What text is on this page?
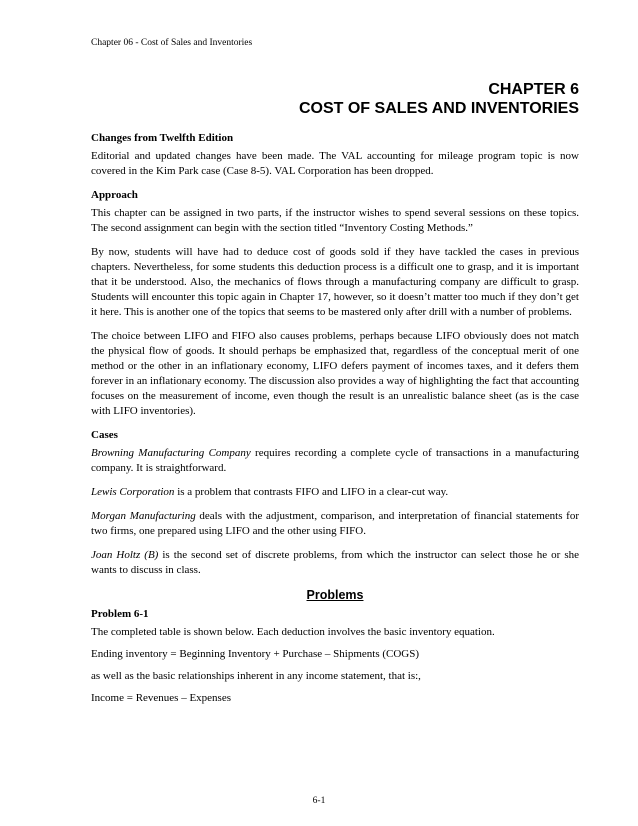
Chapter 06 - Cost of Sales and Inventories
CHAPTER 6
COST OF SALES AND INVENTORIES
Changes from Twelfth Edition

Editorial and updated changes have been made. The VAL accounting for mileage program topic is now covered in the Kim Park case (Case 8-5). VAL Corporation has been dropped.

Approach

This chapter can be assigned in two parts, if the instructor wishes to spend several sessions on these topics. The second assignment can begin with the section titled “Inventory Costing Methods.”

By now, students will have had to deduce cost of goods sold if they have tackled the cases in previous chapters. Nevertheless, for some students this deduction process is a difficult one to grasp, and it is important that it be understood. Also, the mechanics of flows through a manufacturing company are difficult to grasp. Students will encounter this topic again in Chapter 17, however, so it doesn’t matter too much if they don’t get it here. This is another one of the topics that seems to be mastered only after drill with a number of problems.

The choice between LIFO and FIFO also causes problems, perhaps because LIFO obviously does not match the physical flow of goods. It should perhaps be emphasized that, regardless of the conceptual merit of one method or the other in an inflationary economy, LIFO defers payment of incomes taxes, and it defers them forever in an inflationary economy. The discussion also provides a way of highlighting the fact that accounting focuses on the measurement of income, even though the result is an unrealistic balance sheet (as is the case with LIFO inventories).

Cases

Browning Manufacturing Company requires recording a complete cycle of transactions in a manufacturing company. It is straightforward.

Lewis Corporation is a problem that contrasts FIFO and LIFO in a clear-cut way.

Morgan Manufacturing deals with the adjustment, comparison, and interpretation of financial statements for two firms, one prepared using LIFO and the other using FIFO.

Joan Holtz (B) is the second set of discrete problems, from which the instructor can select those he or she wants to discuss in class.

Problems
Problem 6-1

The completed table is shown below. Each deduction involves the basic inventory equation.

Ending inventory = Beginning Inventory + Purchase – Shipments (COGS)

as well as the basic relationships inherent in any income statement, that is:,

Income = Revenues – Expenses

6-1
